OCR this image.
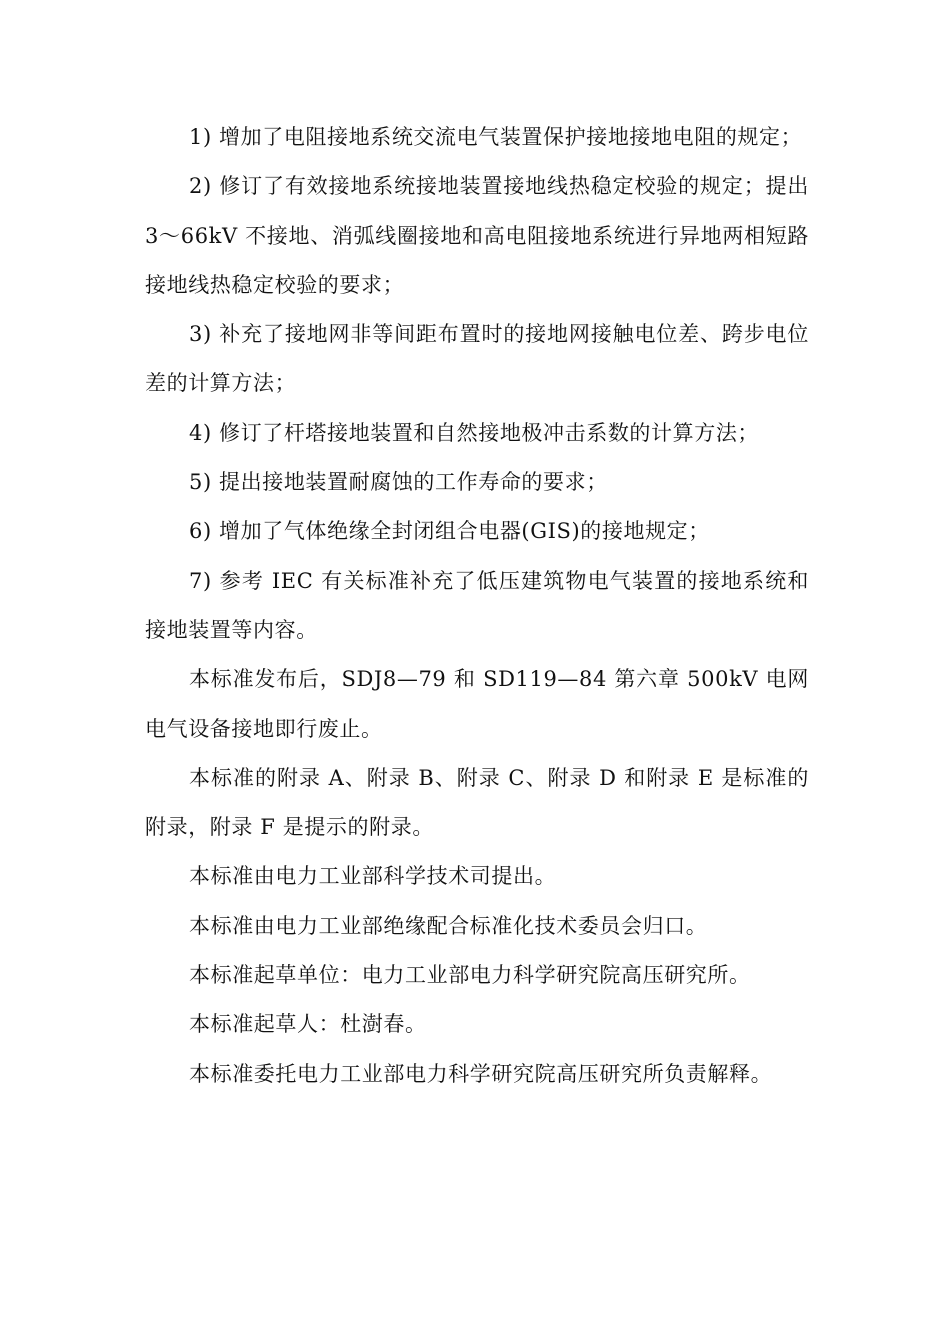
1) 增加了电阻接地系统交流电气装置保护接地接地电阻的规定；

2) 修订了有效接地系统接地装置接地线热稳定校验的规定；提出 3～66kV 不接地、消弧线圈接地和高电阻接地系统进行异地两相短路接地线热稳定校验的要求；

3) 补充了接地网非等间距布置时的接地网接触电位差、跨步电位差的计算方法；

4) 修订了杆塔接地装置和自然接地极冲击系数的计算方法；

5) 提出接地装置耐腐蚀的工作寿命的要求；

6) 增加了气体绝缘全封闭组合电器(GIS)的接地规定；

7) 参考 IEC 有关标准补充了低压建筑物电气装置的接地系统和接地装置等内容。

本标准发布后，SDJ8—79 和 SD119—84 第六章 500kV 电网电气设备接地即行废止。

本标准的附录 A、附录 B、附录 C、附录 D 和附录 E 是标准的附录，附录 F 是提示的附录。

本标准由电力工业部科学技术司提出。

本标准由电力工业部绝缘配合标准化技术委员会归口。

本标准起草单位：电力工业部电力科学研究院高压研究所。

本标准起草人：杜澍春。

本标准委托电力工业部电力科学研究院高压研究所负责解释。
